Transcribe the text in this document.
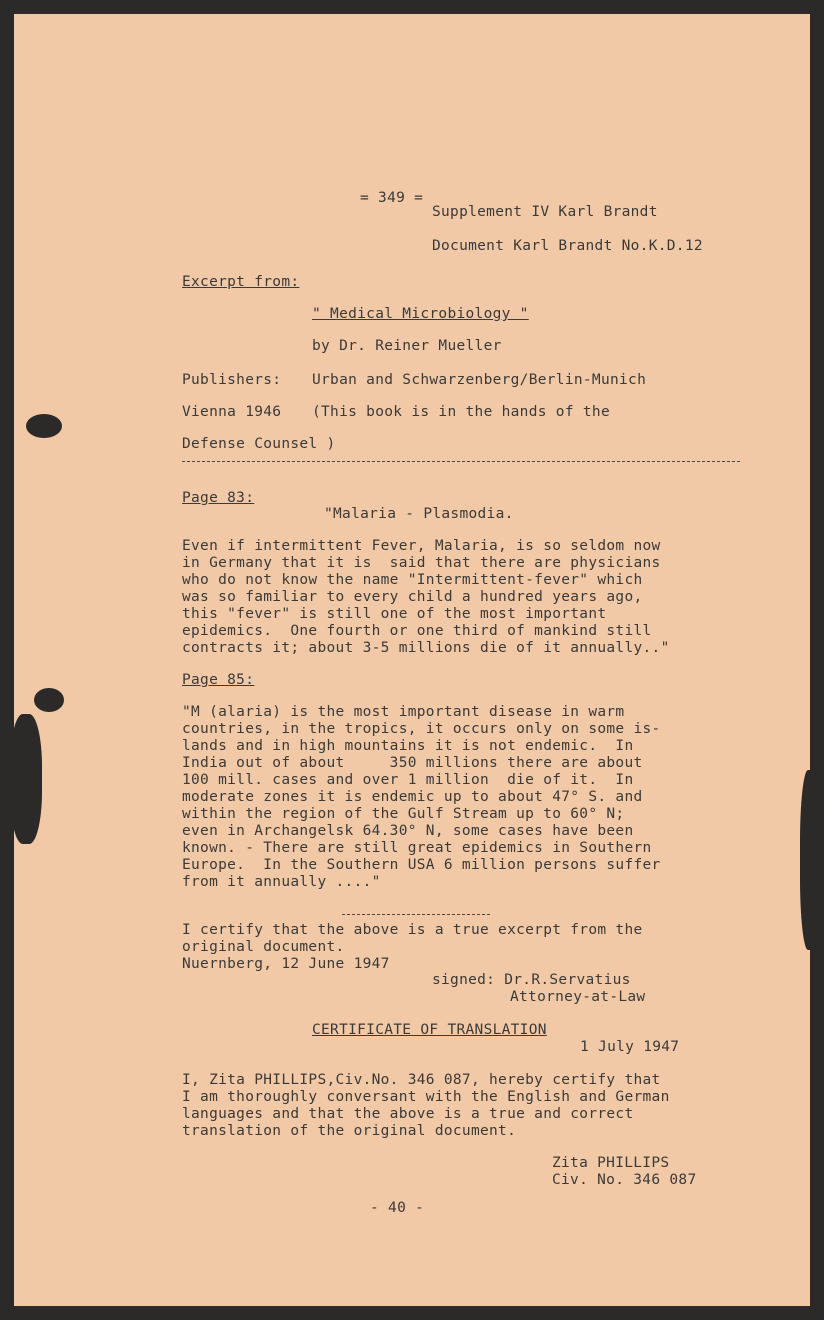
= 349 =
Supplement IV Karl Brandt
Document Karl Brandt No.K.D.12
Excerpt from:
" Medical Microbiology "
by Dr. Reiner Mueller
Publishers: Urban and Schwarzenberg/Berlin-Munich
Vienna 1946 (This book is in the hands of the
Defense Counsel )
Page 83:
"Malaria - Plasmodia.
Even if intermittent Fever, Malaria, is so seldom now
in Germany that it is  said that there are physicians
who do not know the name "Intermittent-fever" which
was so familiar to every child a hundred years ago,
this "fever" is still one of the most important
epidemics.  One fourth or one third of mankind still
contracts it; about 3-5 millions die of it annually.."
Page 85:
"M (alaria) is the most important disease in warm
countries, in the tropics, it occurs only on some is-
lands and in high mountains it is not endemic.  In
India out of about     350 millions there are about
100 mill. cases and over 1 million  die of it.  In
moderate zones it is endemic up to about 47° S. and
within the region of the Gulf Stream up to 60° N;
even in Archangelsk 64.30° N, some cases have been
known. - There are still great epidemics in Southern
Europe.  In the Southern USA 6 million persons suffer
from it annually ...."
I certify that the above is a true excerpt from the
original document.
Nuernberg, 12 June 1947
signed: Dr.R.Servatius
Attorney-at-Law
CERTIFICATE OF TRANSLATION
1 July 1947
I, Zita PHILLIPS,Civ.No. 346 087, hereby certify that
I am thoroughly conversant with the English and German
languages and that the above is a true and correct
translation of the original document.
Zita PHILLIPS
Civ. No. 346 087
- 40 -
